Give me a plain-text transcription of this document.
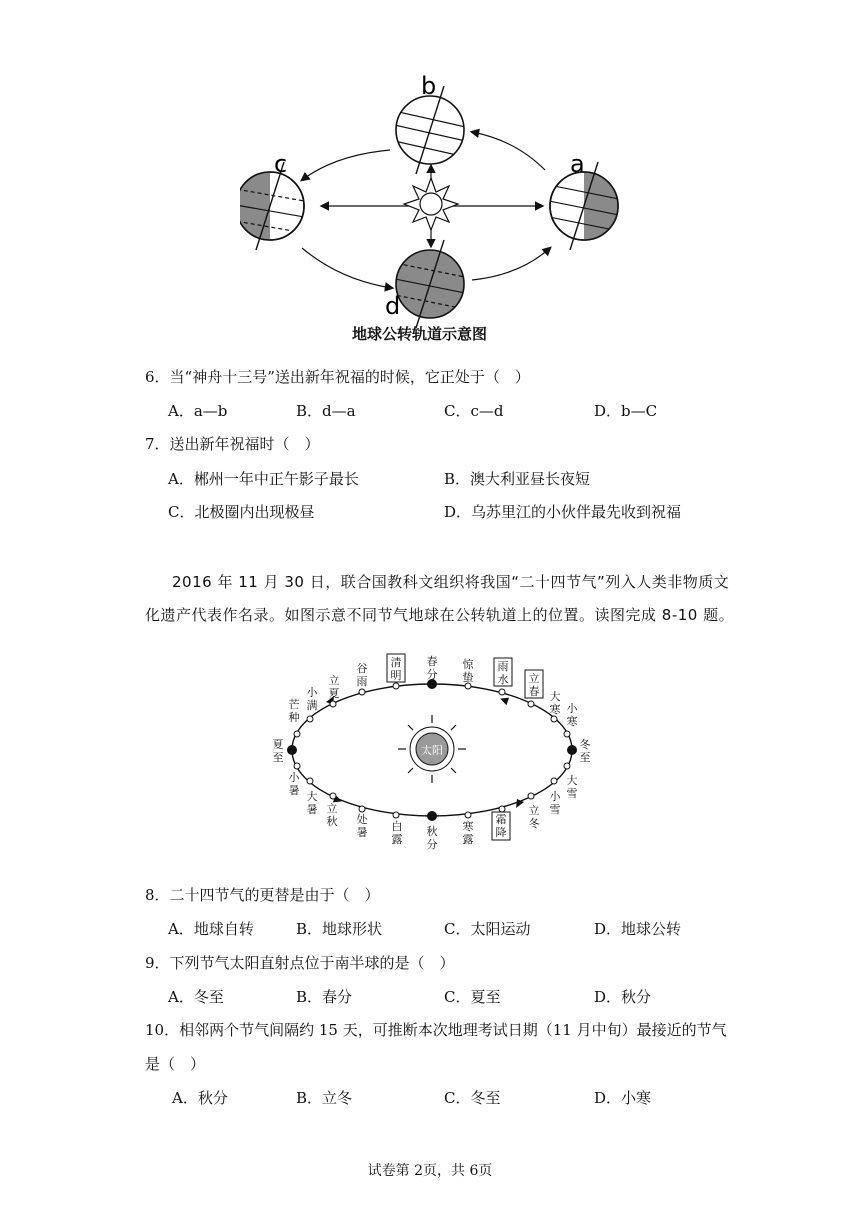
b
c	a
d
地球公转轨道示意图
6．当“神舟十三号”送出新年祝福的时候，它正处于（　）
A．a—b	B．d—a	C．c—d	D．b—C
7．送出新年祝福时（　）
A．郴州一年中正午影子最长	B．澳大利亚昼长夜短
C．北极圈内出现极昼	D．乌苏里江的小伙伴最先收到祝福
2016 年 11 月 30 日，联合国教科文组织将我国“二十四节气”列入人类非物质文
化遗产代表作名录。如图示意不同节气地球在公转轨道上的位置。读图完成 8-10 题。
太阳
春分
惊蛰
雨水 立春 大寒 小寒
冬至
大雪
小雪
立冬
霜降
寒露
秋分
白露
处暑
立秋
大暑
小暑
夏至
芒种
小满
立夏
谷雨
清明
8．二十四节气的更替是由于（　）
A．地球自转	B．地球形状	C．太阳运动	D．地球公转
9．下列节气太阳直射点位于南半球的是（　）
A．冬至	B．春分	C．夏至	D．秋分
10．相邻两个节气间隔约 15 天，可推断本次地理考试日期（11 月中旬）最接近的节气
是（　）
A．秋分	B．立冬	C．冬至	D．小寒
试卷第 2页，共 6页
